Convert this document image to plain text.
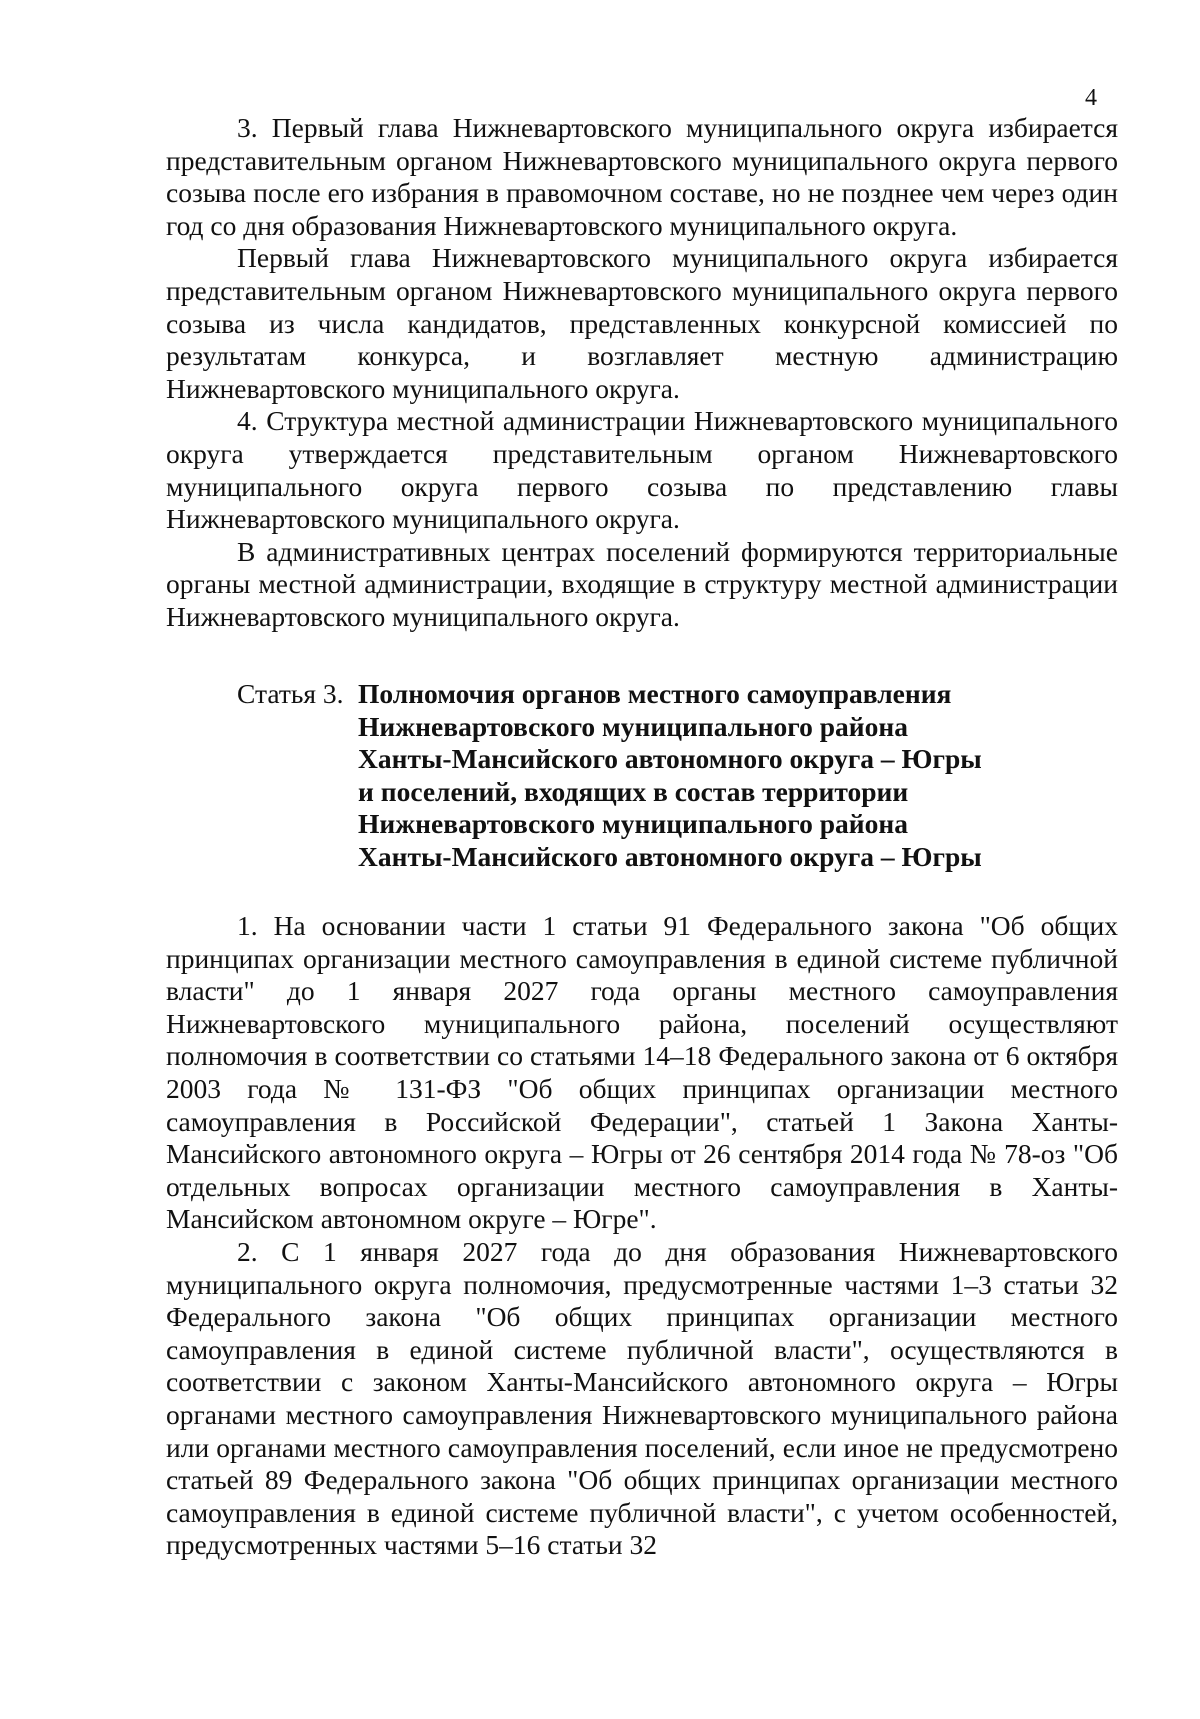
4

3. Первый глава Нижневартовского муниципального округа избирается представительным органом Нижневартовского муниципального округа первого созыва после его избрания в правомочном составе, но не позднее чем через один год со дня образования Нижневартовского муниципального округа.

Первый глава Нижневартовского муниципального округа избирается представительным органом Нижневартовского муниципального округа первого созыва из числа кандидатов, представленных конкурсной комиссией по результатам конкурса, и возглавляет местную администрацию Нижневартовского муниципального округа.

4. Структура местной администрации Нижневартовского муниципального округа утверждается представительным органом Нижневартовского муниципального округа первого созыва по представлению главы Нижневартовского муниципального округа.

В административных центрах поселений формируются территориальные органы местной администрации, входящие в структуру местной администрации Нижневартовского муниципального округа.

Статья 3. Полномочия органов местного самоуправления
Нижневартовского муниципального района
Ханты-Мансийского автономного округа – Югры
и поселений, входящих в состав территории
Нижневартовского муниципального района
Ханты-Мансийского автономного округа – Югры

1. На основании части 1 статьи 91 Федерального закона "Об общих принципах организации местного самоуправления в единой системе публичной власти" до 1 января 2027 года органы местного самоуправления Нижневартовского муниципального района, поселений осуществляют полномочия в соответствии со статьями 14–18 Федерального закона от 6 октября 2003 года № 131-ФЗ "Об общих принципах организации местного самоуправления в Российской Федерации", статьей 1 Закона Ханты-Мансийского автономного округа – Югры от 26 сентября 2014 года № 78-оз "Об отдельных вопросах организации местного самоуправления в Ханты-Мансийском автономном округе – Югре".

2. С 1 января 2027 года до дня образования Нижневартовского муниципального округа полномочия, предусмотренные частями 1–3 статьи 32 Федерального закона "Об общих принципах организации местного самоуправления в единой системе публичной власти", осуществляются в соответствии с законом Ханты-Мансийского автономного округа – Югры органами местного самоуправления Нижневартовского муниципального района или органами местного самоуправления поселений, если иное не предусмотрено статьей 89 Федерального закона "Об общих принципах организации местного самоуправления в единой системе публичной власти", с учетом особенностей, предусмотренных частями 5–16 статьи 32
